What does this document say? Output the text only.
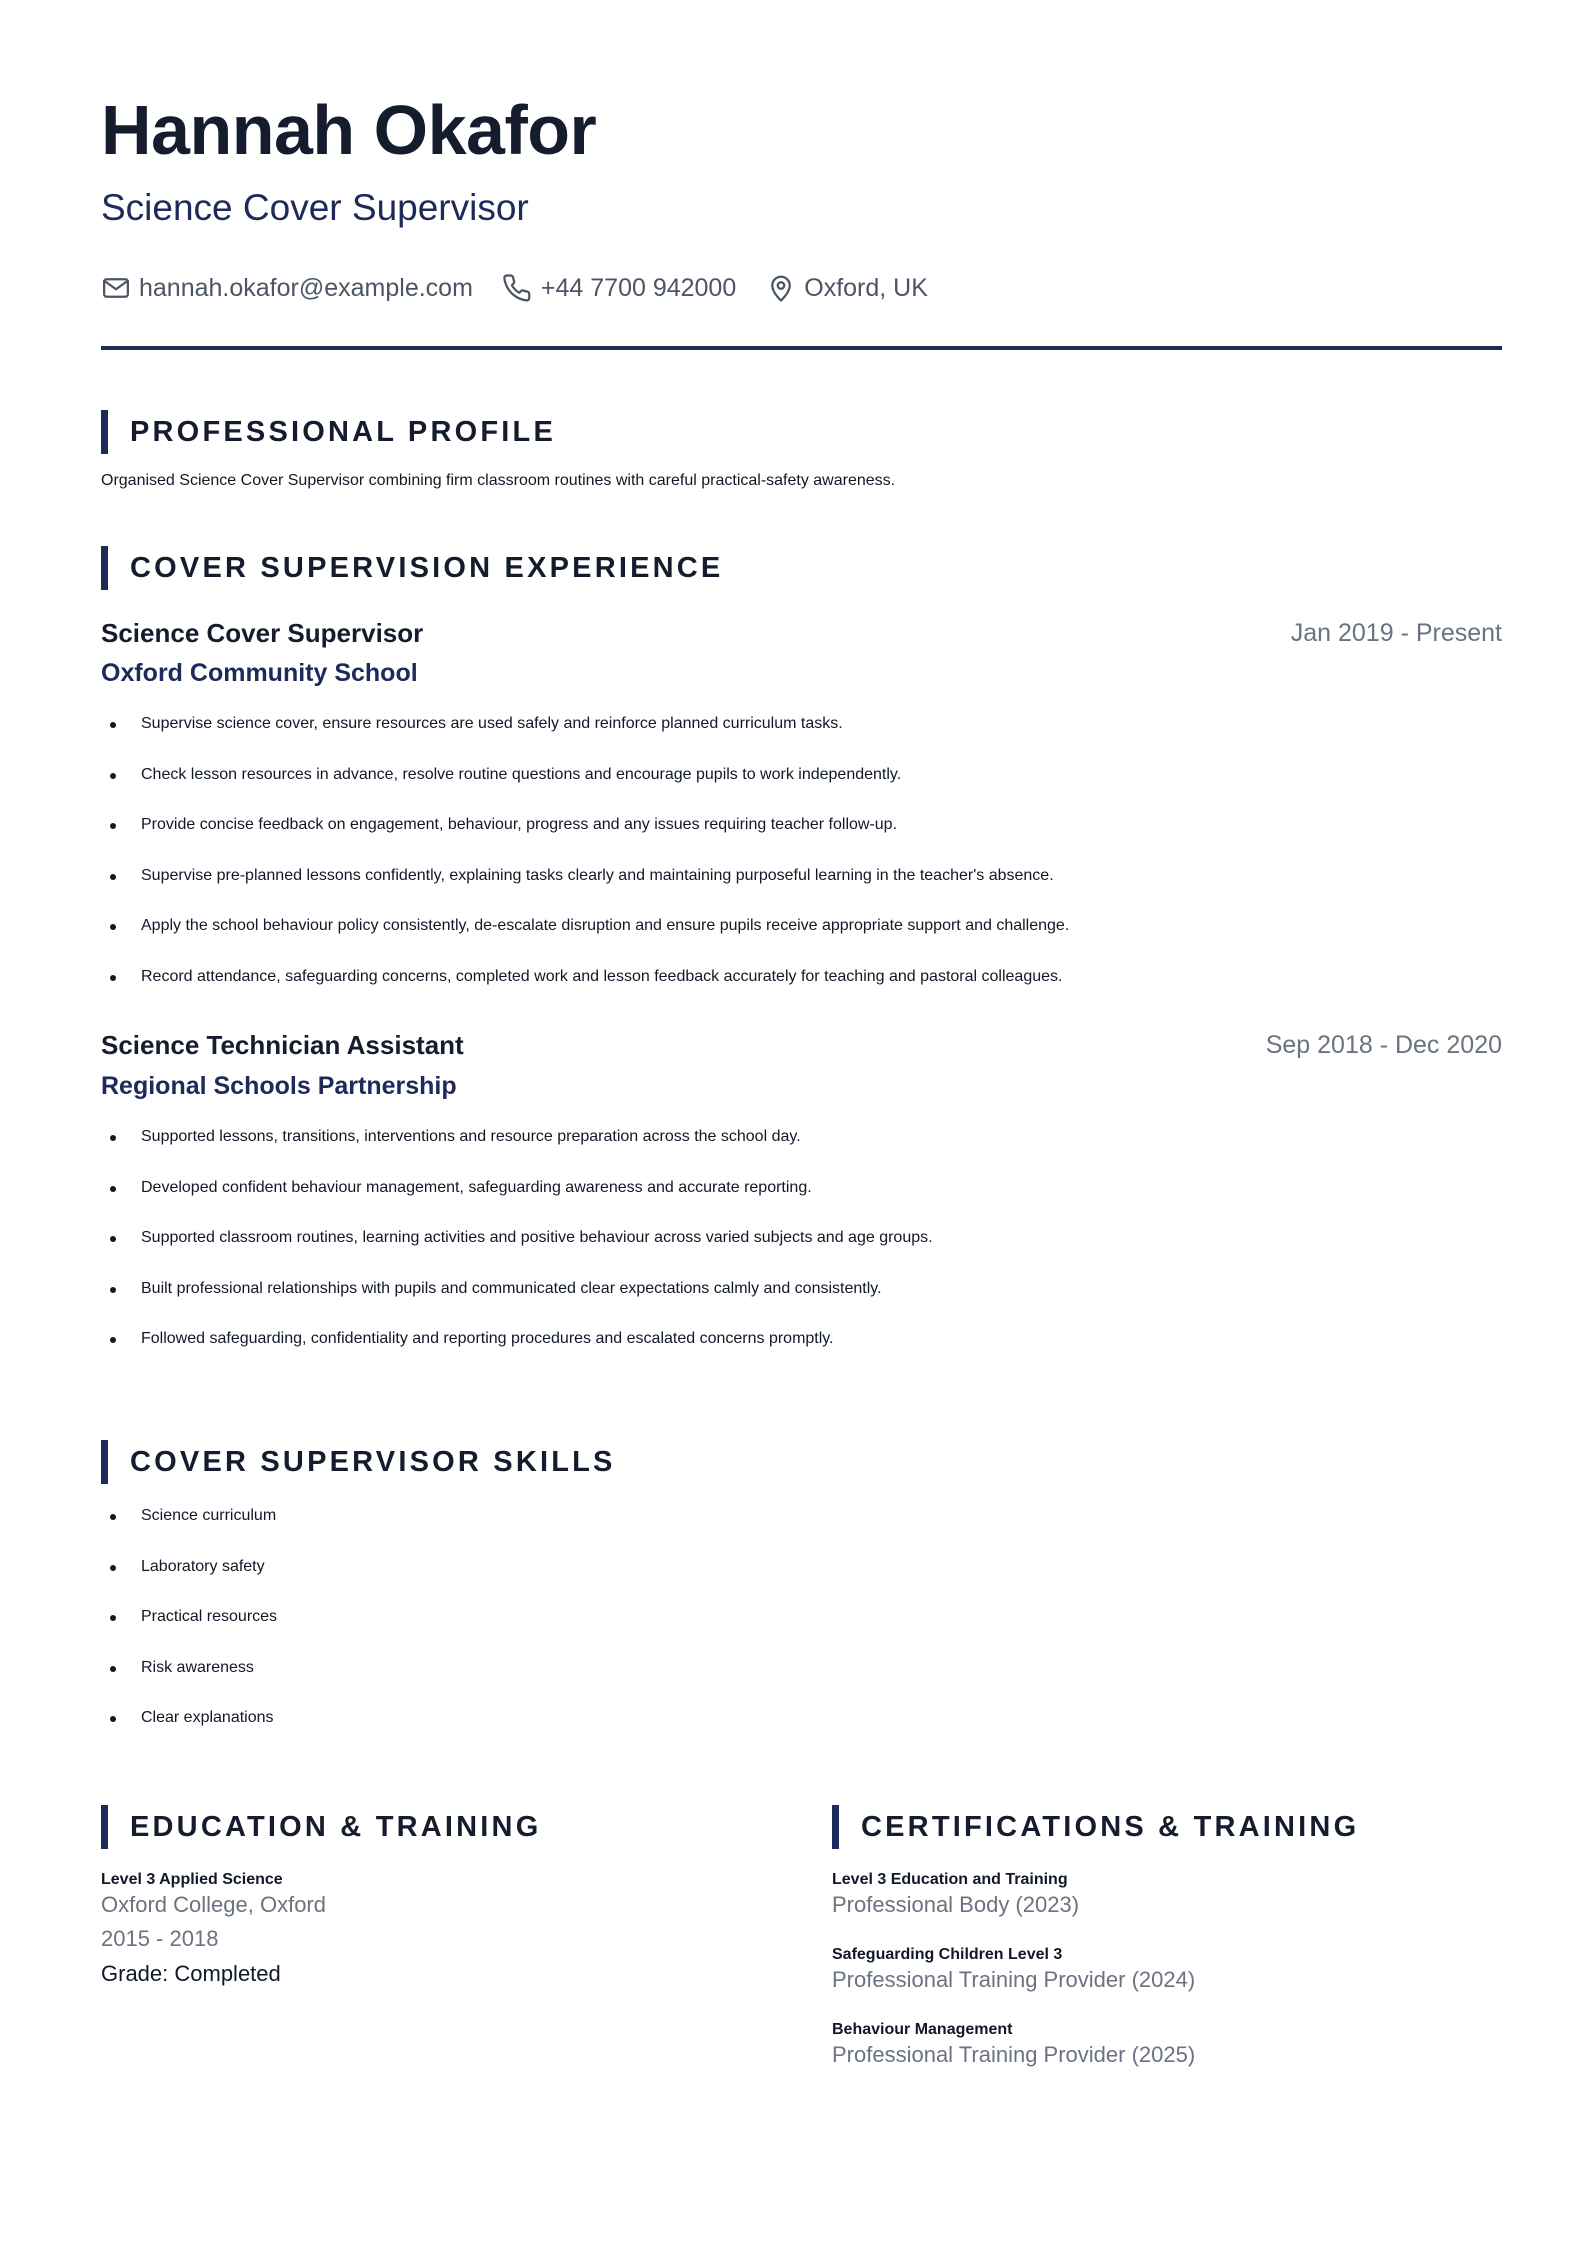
Hannah Okafor
Science Cover Supervisor
hannah.okafor@example.com	+44 7700 942000	Oxford, UK
PROFESSIONAL PROFILE

Organised Science Cover Supervisor combining firm classroom routines with careful practical-safety awareness.

COVER SUPERVISION EXPERIENCE
Science Cover Supervisor	Jan 2019 - Present
Oxford Community School
Supervise science cover, ensure resources are used safely and reinforce planned curriculum tasks.
Check lesson resources in advance, resolve routine questions and encourage pupils to work independently.
Provide concise feedback on engagement, behaviour, progress and any issues requiring teacher follow-up.
Supervise pre-planned lessons confidently, explaining tasks clearly and maintaining purposeful learning in the teacher's absence.
Apply the school behaviour policy consistently, de-escalate disruption and ensure pupils receive appropriate support and challenge.
Record attendance, safeguarding concerns, completed work and lesson feedback accurately for teaching and pastoral colleagues.
Science Technician Assistant	Sep 2018 - Dec 2020
Regional Schools Partnership
Supported lessons, transitions, interventions and resource preparation across the school day.
Developed confident behaviour management, safeguarding awareness and accurate reporting.
Supported classroom routines, learning activities and positive behaviour across varied subjects and age groups.
Built professional relationships with pupils and communicated clear expectations calmly and consistently.
Followed safeguarding, confidentiality and reporting procedures and escalated concerns promptly.
COVER SUPERVISOR SKILLS
Science curriculum
Laboratory safety
Practical resources
Risk awareness
Clear explanations
EDUCATION & TRAINING
Level 3 Applied Science
Oxford College, Oxford
2015 - 2018
Grade: Completed
CERTIFICATIONS & TRAINING
Level 3 Education and Training
Professional Body (2023)
Safeguarding Children Level 3
Professional Training Provider (2024)
Behaviour Management
Professional Training Provider (2025)
